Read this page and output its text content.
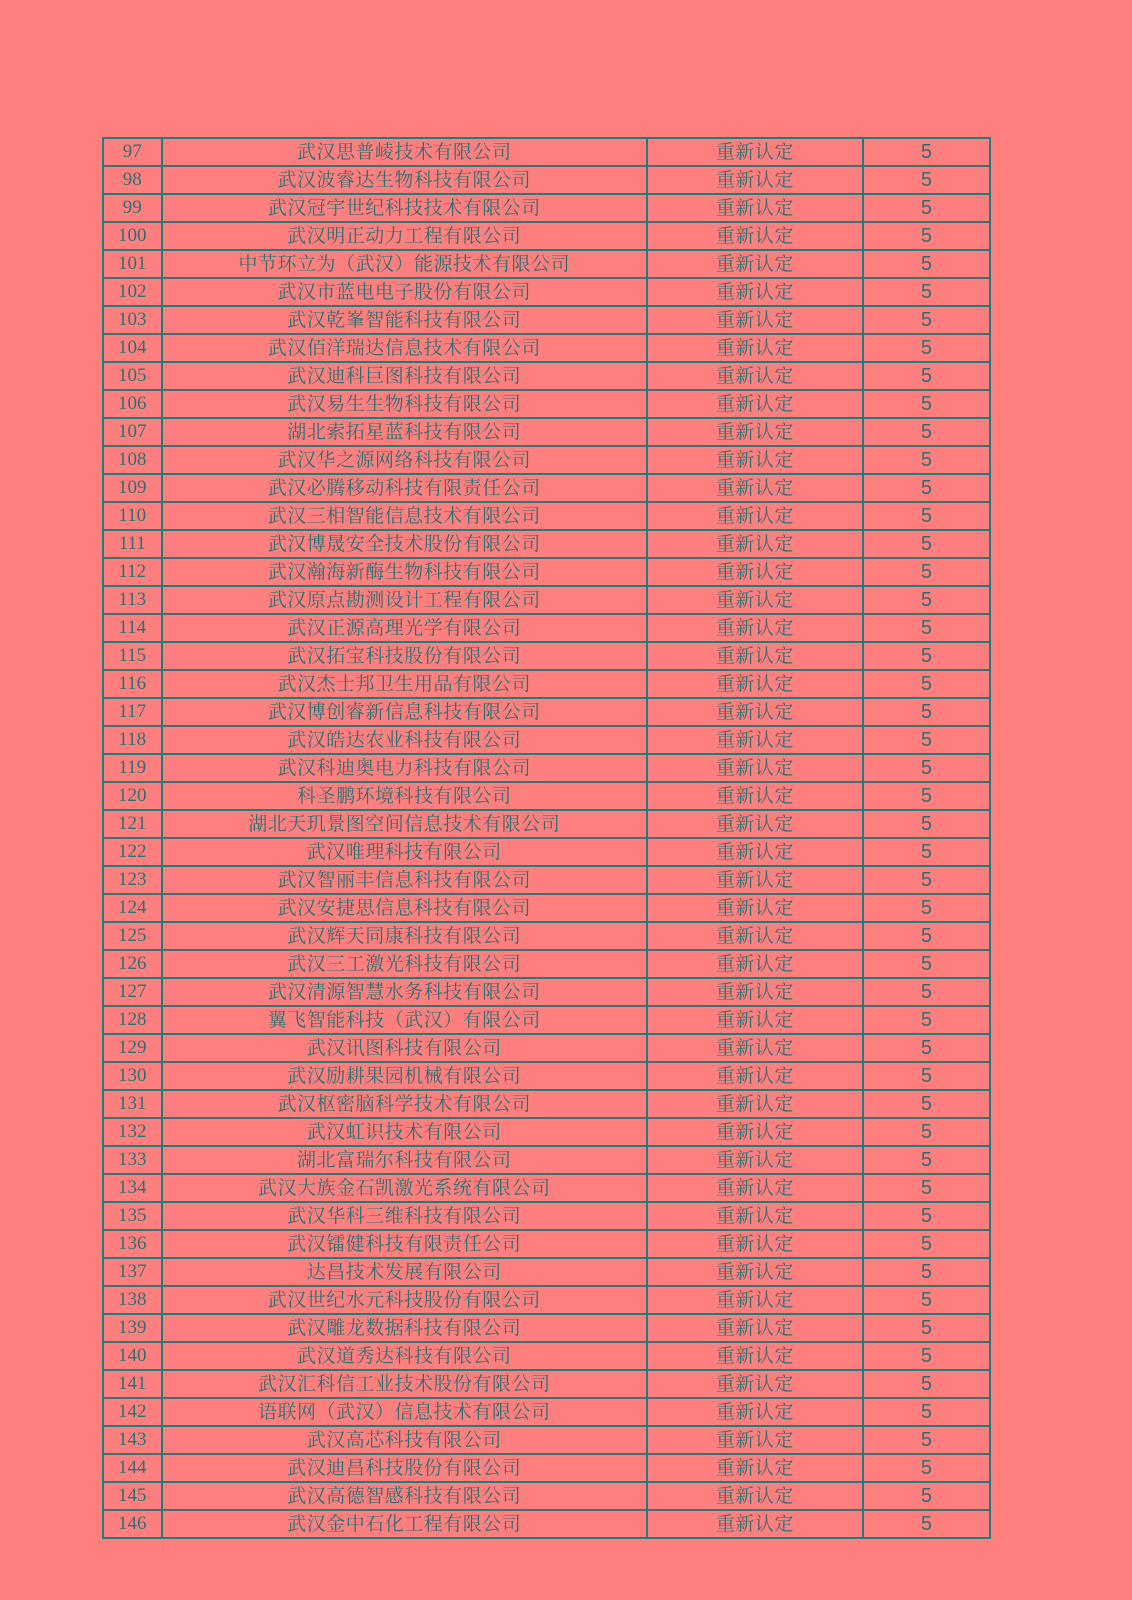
97	武汉思普崚技术有限公司	重新认定	5
98	武汉波睿达生物科技有限公司	重新认定	5
99	武汉冠宇世纪科技技术有限公司	重新认定	5
100	武汉明正动力工程有限公司	重新认定	5
101	中节环立为（武汉）能源技术有限公司	重新认定	5
102	武汉市蓝电电子股份有限公司	重新认定	5
103	武汉乾峯智能科技有限公司	重新认定	5
104	武汉佰洋瑞达信息技术有限公司	重新认定	5
105	武汉迪科巨图科技有限公司	重新认定	5
106	武汉易生生物科技有限公司	重新认定	5
107	湖北索拓星蓝科技有限公司	重新认定	5
108	武汉华之源网络科技有限公司	重新认定	5
109	武汉必腾移动科技有限责任公司	重新认定	5
110	武汉三相智能信息技术有限公司	重新认定	5
111	武汉博晟安全技术股份有限公司	重新认定	5
112	武汉瀚海新酶生物科技有限公司	重新认定	5
113	武汉原点勘测设计工程有限公司	重新认定	5
114	武汉正源高理光学有限公司	重新认定	5
115	武汉拓宝科技股份有限公司	重新认定	5
116	武汉杰士邦卫生用品有限公司	重新认定	5
117	武汉博创睿新信息科技有限公司	重新认定	5
118	武汉皓达农业科技有限公司	重新认定	5
119	武汉科迪奥电力科技有限公司	重新认定	5
120	科圣鹏环境科技有限公司	重新认定	5
121	湖北天玑景图空间信息技术有限公司	重新认定	5
122	武汉唯理科技有限公司	重新认定	5
123	武汉智丽丰信息科技有限公司	重新认定	5
124	武汉安捷思信息科技有限公司	重新认定	5
125	武汉辉天同康科技有限公司	重新认定	5
126	武汉三工激光科技有限公司	重新认定	5
127	武汉清源智慧水务科技有限公司	重新认定	5
128	翼飞智能科技（武汉）有限公司	重新认定	5
129	武汉讯图科技有限公司	重新认定	5
130	武汉励耕果园机械有限公司	重新认定	5
131	武汉枢密脑科学技术有限公司	重新认定	5
132	武汉虹识技术有限公司	重新认定	5
133	湖北富瑞尔科技有限公司	重新认定	5
134	武汉大族金石凯激光系统有限公司	重新认定	5
135	武汉华科三维科技有限公司	重新认定	5
136	武汉镭健科技有限责任公司	重新认定	5
137	达昌技术发展有限公司	重新认定	5
138	武汉世纪水元科技股份有限公司	重新认定	5
139	武汉雕龙数据科技有限公司	重新认定	5
140	武汉道秀达科技有限公司	重新认定	5
141	武汉汇科信工业技术股份有限公司	重新认定	5
142	语联网（武汉）信息技术有限公司	重新认定	5
143	武汉高芯科技有限公司	重新认定	5
144	武汉迪昌科技股份有限公司	重新认定	5
145	武汉高德智感科技有限公司	重新认定	5
146	武汉金中石化工程有限公司	重新认定	5
